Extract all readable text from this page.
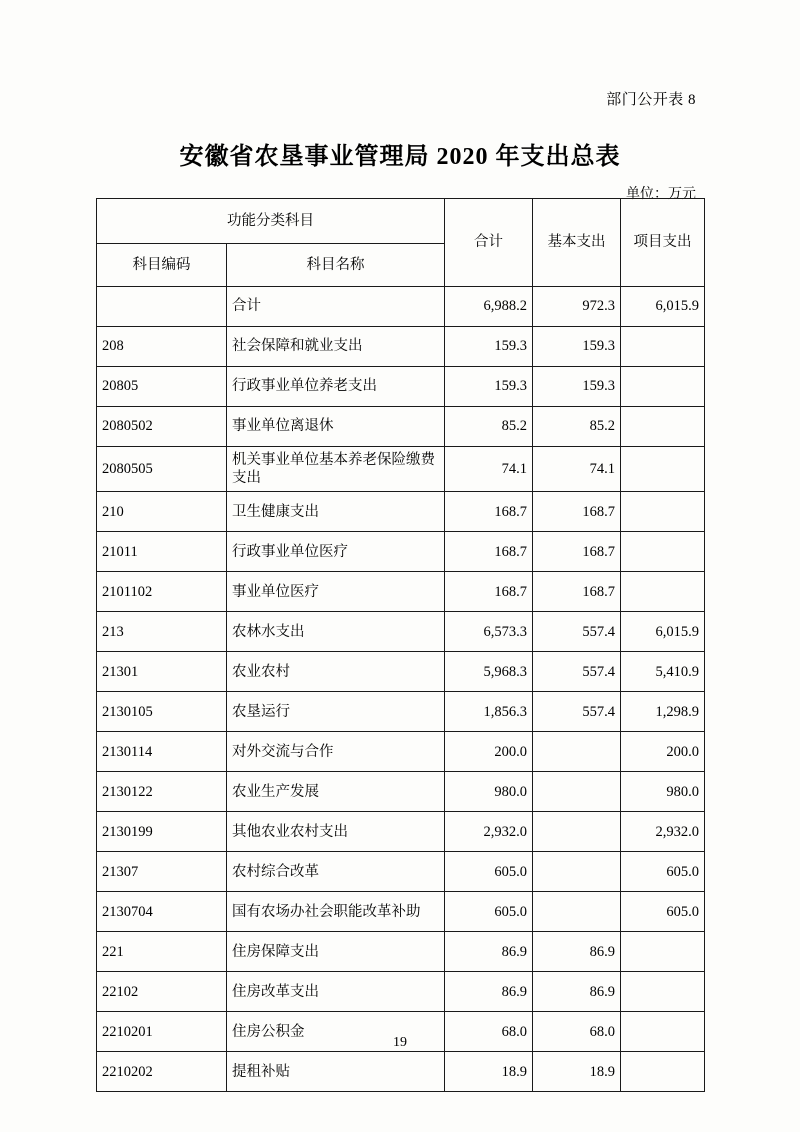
部门公开表 8
安徽省农垦事业管理局 2020 年支出总表
单位：万元
功能分类科目		合计	基本支出	项目支出
科目编码	科目名称			
	合计	6,988.2	972.3	6,015.9
208	社会保障和就业支出	159.3	159.3	
20805	行政事业单位养老支出	159.3	159.3	
2080502	事业单位离退休	85.2	85.2	
2080505	机关事业单位基本养老保险缴费支出	74.1	74.1	
210	卫生健康支出	168.7	168.7	
21011	行政事业单位医疗	168.7	168.7	
2101102	事业单位医疗	168.7	168.7	
213	农林水支出	6,573.3	557.4	6,015.9
21301	农业农村	5,968.3	557.4	5,410.9
2130105	农垦运行	1,856.3	557.4	1,298.9
2130114	对外交流与合作	200.0		200.0
2130122	农业生产发展	980.0		980.0
2130199	其他农业农村支出	2,932.0		2,932.0
21307	农村综合改革	605.0		605.0
2130704	国有农场办社会职能改革补助	605.0		605.0
221	住房保障支出	86.9	86.9	
22102	住房改革支出	86.9	86.9	
2210201	住房公积金	68.0	68.0	
2210202	提租补贴	18.9	18.9	
19
